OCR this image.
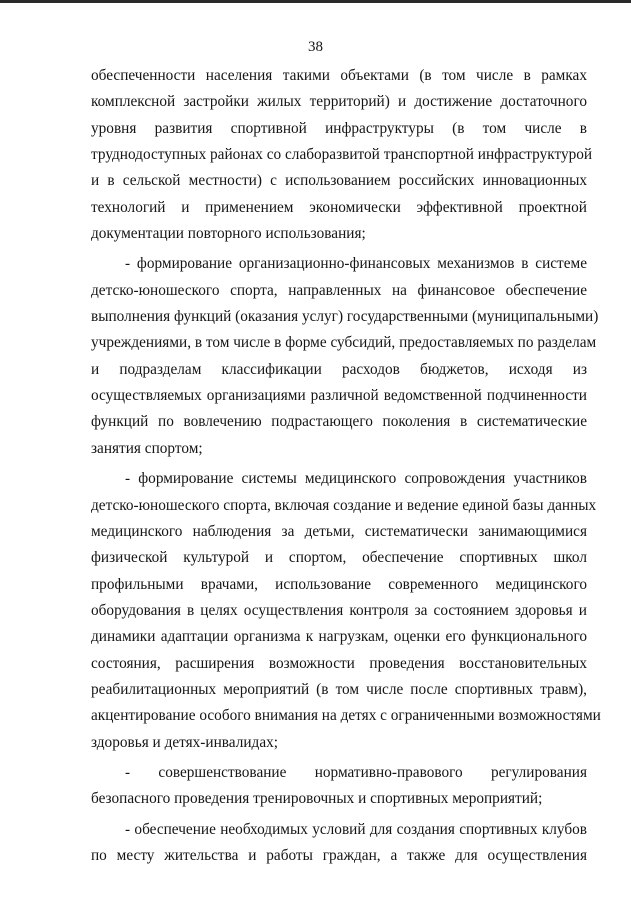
38
обеспеченности населения такими объектами (в том числе в рамках
комплексной застройки жилых территорий) и достижение достаточного
уровня развития спортивной инфраструктуры (в том числе в
труднодоступных районах со слаборазвитой транспортной инфраструктурой
и в сельской местности) с использованием российских инновационных
технологий и применением экономически эффективной проектной
документации повторного использования;
- формирование организационно-финансовых механизмов в системе
детско-юношеского спорта, направленных на финансовое обеспечение
выполнения функций (оказания услуг) государственными (муниципальными)
учреждениями, в том числе в форме субсидий, предоставляемых по разделам
и подразделам классификации расходов бюджетов, исходя из
осуществляемых организациями различной ведомственной подчиненности
функций по вовлечению подрастающего поколения в систематические
занятия спортом;
- формирование системы медицинского сопровождения участников
детско-юношеского спорта, включая создание и ведение единой базы данных
медицинского наблюдения за детьми, систематически занимающимися
физической культурой и спортом, обеспечение спортивных школ
профильными врачами, использование современного медицинского
оборудования в целях осуществления контроля за состоянием здоровья и
динамики адаптации организма к нагрузкам, оценки его функционального
состояния, расширения возможности проведения восстановительных
реабилитационных мероприятий (в том числе после спортивных травм),
акцентирование особого внимания на детях с ограниченными возможностями
здоровья и детях-инвалидах;
- совершенствование нормативно-правового регулирования
безопасного проведения тренировочных и спортивных мероприятий;
- обеспечение необходимых условий для создания спортивных клубов
по месту жительства и работы граждан, а также для осуществления
